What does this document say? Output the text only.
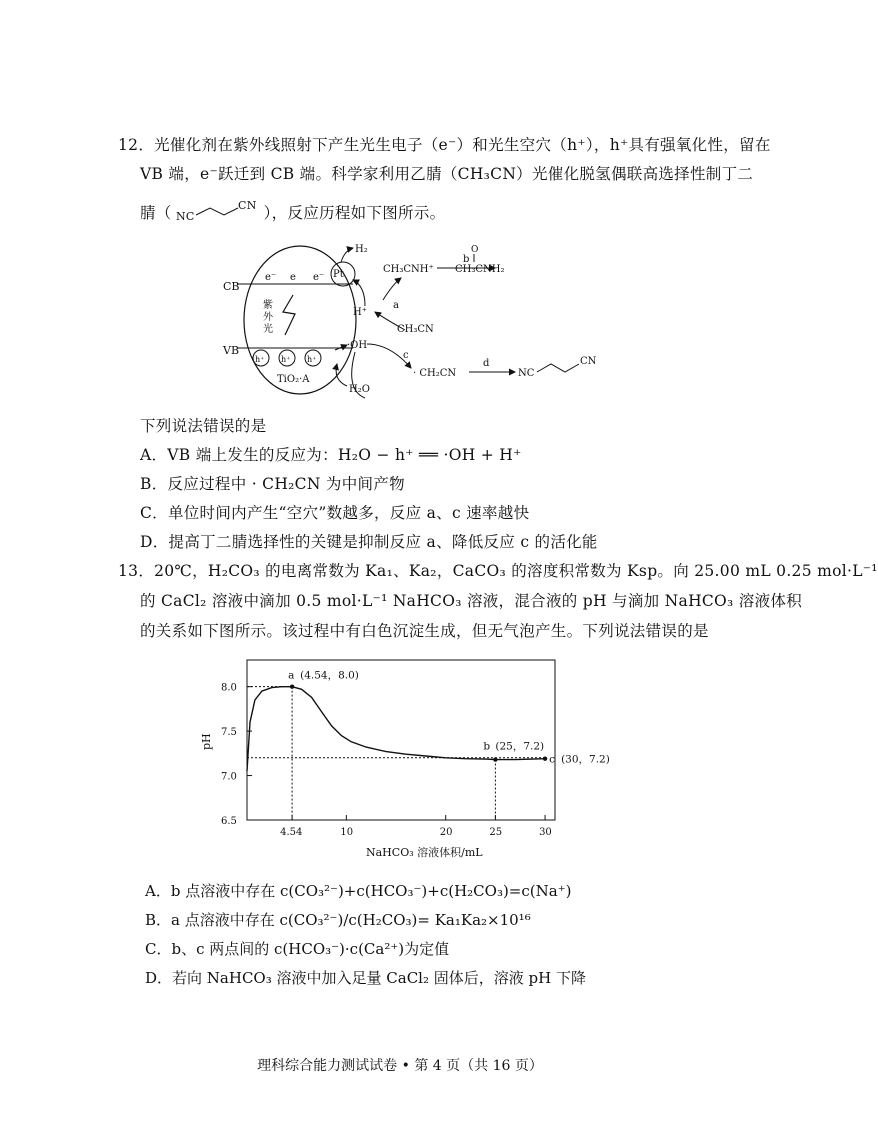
12．光催化剂在紫外线照射下产生光生电子（e⁻）和光生空穴（h⁺），h⁺具有强氧化性，留在
VB 端，e⁻跃迁到 CB 端。科学家利用乙腈（CH₃CN）光催化脱氢偶联高选择性制丁二
腈（ NC
CN ），反应历程如下图所示。
CB
VB
e⁻ e e⁻ Pt
紫
外
光
h⁺ h⁺ h⁺
TiO₂·A
H₂
H⁺
·OH
H₂O
CH₃CNH⁺
b
O
CH₃CNH₂
a
CH₃CN
c
· CH₂CN
d
NC
CN
下列说法错误的是
A．VB 端上发生的反应为：H₂O − h⁺ ══ ·OH + H⁺
B．反应过程中 · CH₂CN 为中间产物
C．单位时间内产生“空穴”数越多，反应 a、c 速率越快
D．提高丁二腈选择性的关键是抑制反应 a、降低反应 c 的活化能
13．20℃，H₂CO₃ 的电离常数为 Ka₁、Ka₂，CaCO₃ 的溶度积常数为 Ksp。向 25.00 mL 0.25 mol·L⁻¹
的 CaCl₂ 溶液中滴加 0.5 mol·L⁻¹ NaHCO₃ 溶液，混合液的 pH 与滴加 NaHCO₃ 溶液体积
的关系如下图所示。该过程中有白色沉淀生成，但无气泡产生。下列说法错误的是
pH
NaHCO₃ 溶液体积/mL
6.5
7.0
7.5
8.0
4.54	10	20	25	30
a (4.54，8.0)
b (25，7.2)
c (30，7.2)
A．b 点溶液中存在 c(CO₃²⁻)+c(HCO₃⁻)+c(H₂CO₃)=c(Na⁺)
B．a 点溶液中存在 c(CO₃²⁻)/c(H₂CO₃)= Ka₁Ka₂×10¹⁶
C．b、c 两点间的 c(HCO₃⁻)·c(Ca²⁺)为定值
D．若向 NaHCO₃ 溶液中加入足量 CaCl₂ 固体后，溶液 pH 下降
理科综合能力测试试卷 • 第 4 页（共 16 页）
